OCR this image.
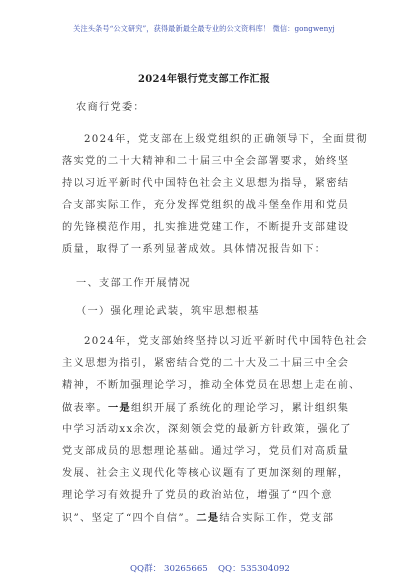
关注头条号“公文研究”，获得最新最全最专业的公文资料库！ 微信：gongwenyj
2024年银行党支部工作汇报
农商行党委：
2024年，党支部在上级党组织的正确领导下，全面贯彻
落实党的二十大精神和二十届三中全会部署要求，始终坚
持以习近平新时代中国特色社会主义思想为指导，紧密结
合支部实际工作，充分发挥党组织的战斗堡垒作用和党员
的先锋模范作用，扎实推进党建工作，不断提升支部建设
质量，取得了一系列显著成效。具体情况报告如下：
一、支部工作开展情况
（一）强化理论武装，筑牢思想根基
2024年，党支部始终坚持以习近平新时代中国特色社会
主义思想为指引，紧密结合党的二十大及二十届三中全会
精神，不断加强理论学习，推动全体党员在思想上走在前、
做表率。一是组织开展了系统化的理论学习，累计组织集
中学习活动xx余次，深刻领会党的最新方针政策，强化了
党支部成员的思想理论基础。通过学习，党员们对高质量
发展、社会主义现代化等核心议题有了更加深刻的理解，
理论学习有效提升了党员的政治站位，增强了“四个意
识”、坚定了“四个自信”。二是结合实际工作，党支部
QQ群： 30265665 QQ：535304092
